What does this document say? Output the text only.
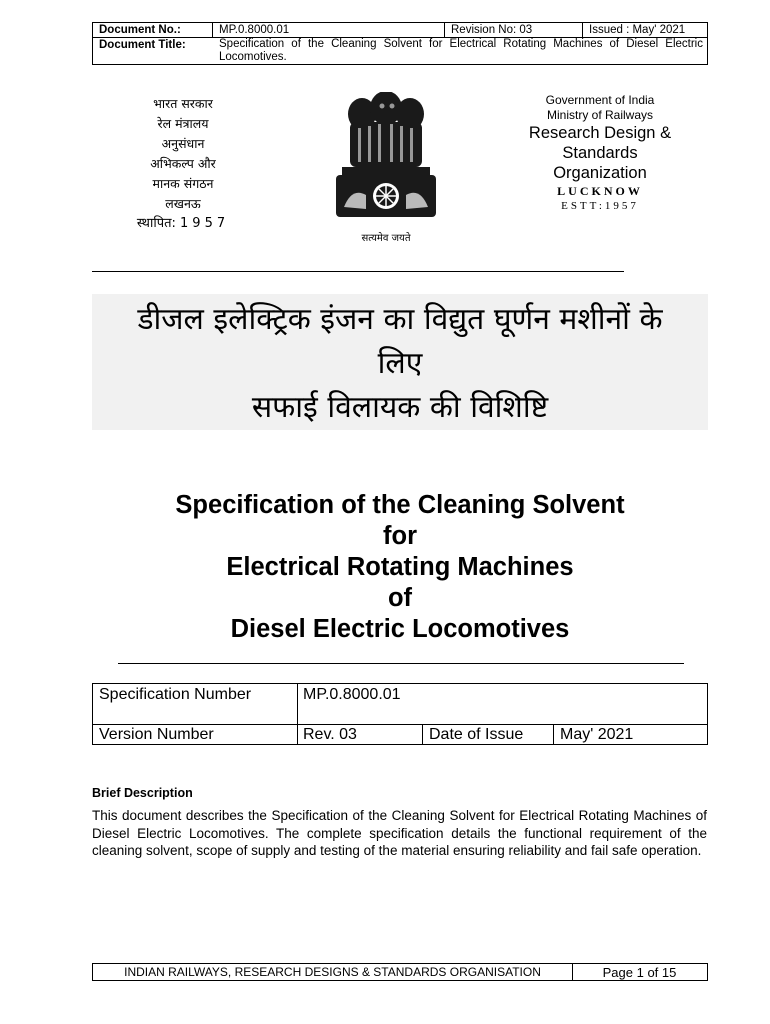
Document No.:	MP.0.8000.01	Revision No: 03	Issued : May' 2021
Document Title:	Specification of the Cleaning Solvent for Electrical Rotating Machines of Diesel Electric Locomotives.
भारत सरकार
रेल मंत्रालय
अनुसंधान
अभिकल्प और
मानक संगठन
लखनऊ
स्थापित: 1957
सत्यमेव जयते
Government of India
Ministry of Railways
Research Design &
Standards
Organization
LUCKNOW
ESTT:1957
डीजल इलेक्ट्रिक इंजन का विद्युत घूर्णन मशीनों के
लिए
सफाई विलायक की विशिष्टि
Specification of the Cleaning Solvent
for
Electrical Rotating Machines
of
Diesel Electric Locomotives
Specification Number	MP.0.8000.01
Version Number	Rev. 03	Date of Issue May' 2021
Brief Description
This document describes the Specification of the Cleaning Solvent for Electrical Rotating Machines of Diesel Electric Locomotives. The complete specification details the functional requirement of the cleaning solvent, scope of supply and testing of the material ensuring reliability and fail safe operation.
INDIAN RAILWAYS, RESEARCH DESIGNS & STANDARDS ORGANISATION	Page 1 of 15
